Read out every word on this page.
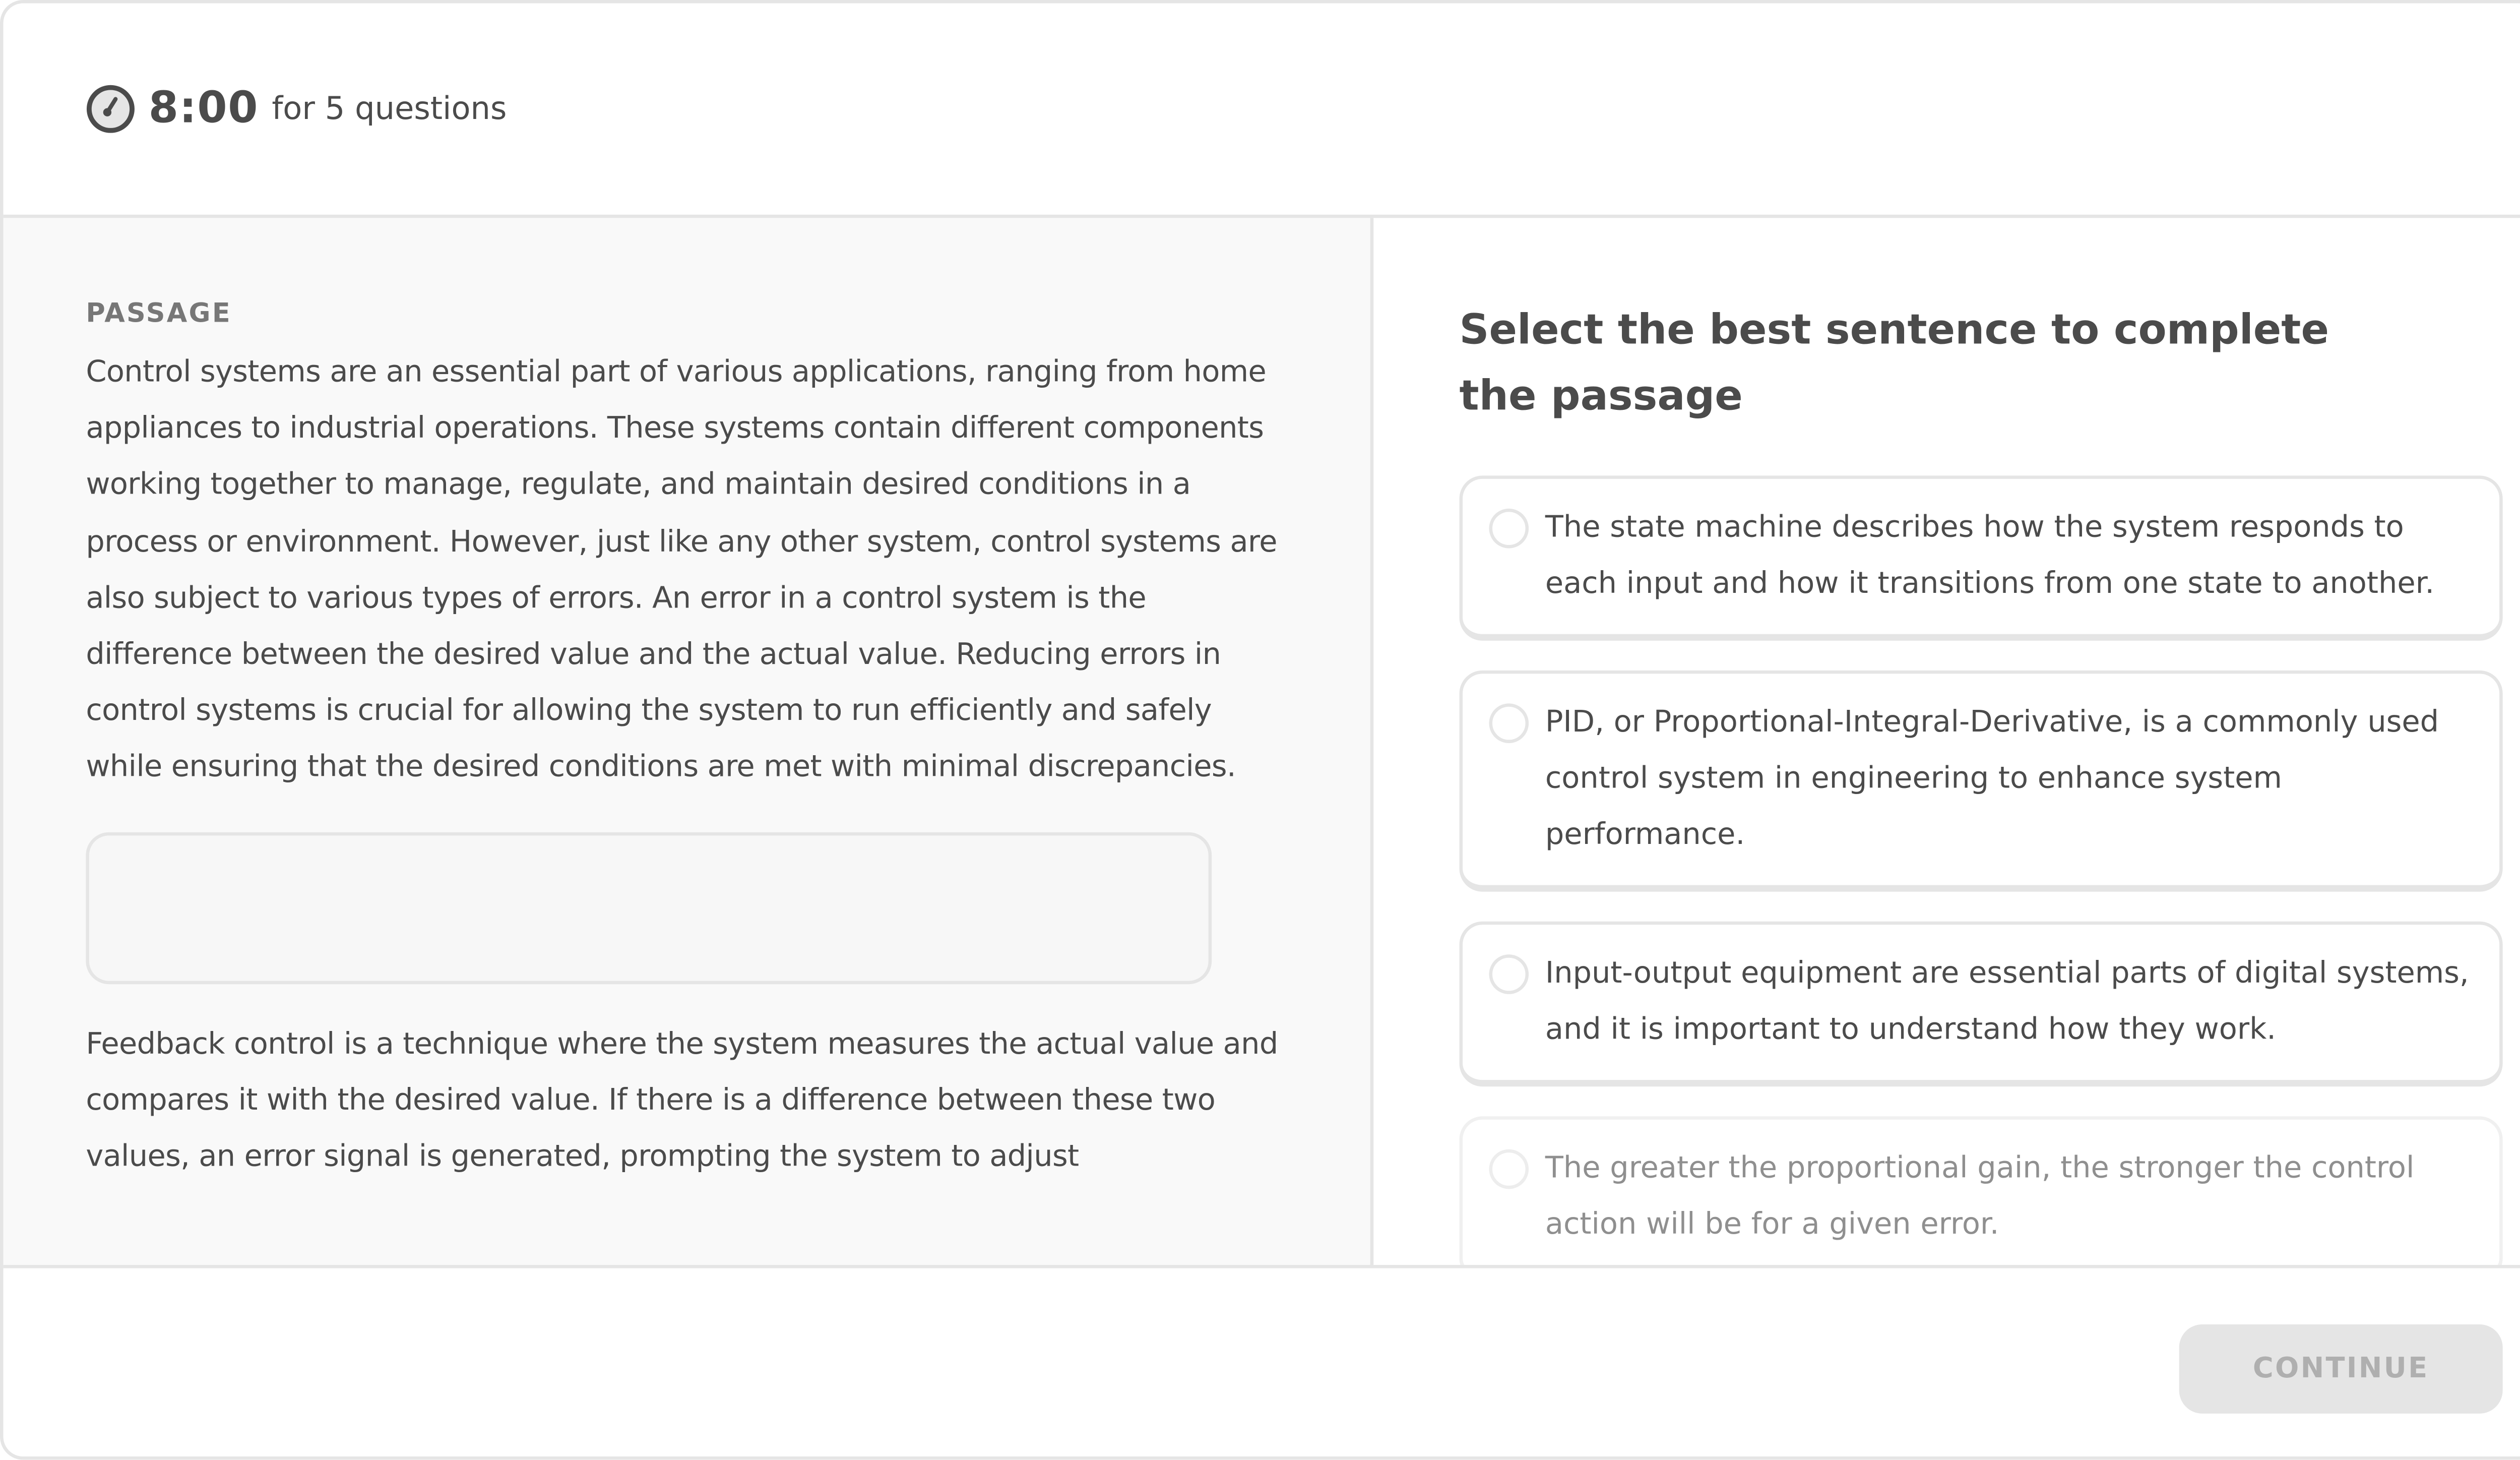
8:00 for 5 questions
PASSAGE

Control systems are an essential part of various applications, ranging from home appliances to industrial operations. These systems contain different components working together to manage, regulate, and maintain desired conditions in a process or environment. However, just like any other system, control systems are also subject to various types of errors. An error in a control system is the difference between the desired value and the actual value. Reducing errors in control systems is crucial for allowing the system to run efficiently and safely while ensuring that the desired conditions are met with minimal discrepancies.

Feedback control is a technique where the system measures the actual value and compares it with the desired value. If there is a difference between these two values, an error signal is generated, prompting the system to adjust

Select the best sentence to complete the passage
The state machine describes how the system responds to each input and how it transitions from one state to another.
PID, or Proportional-Integral-Derivative, is a commonly used control system in engineering to enhance system performance.
Input-output equipment are essential parts of digital systems, and it is important to understand how they work.
The greater the proportional gain, the stronger the control action will be for a given error.
CONTINUE
